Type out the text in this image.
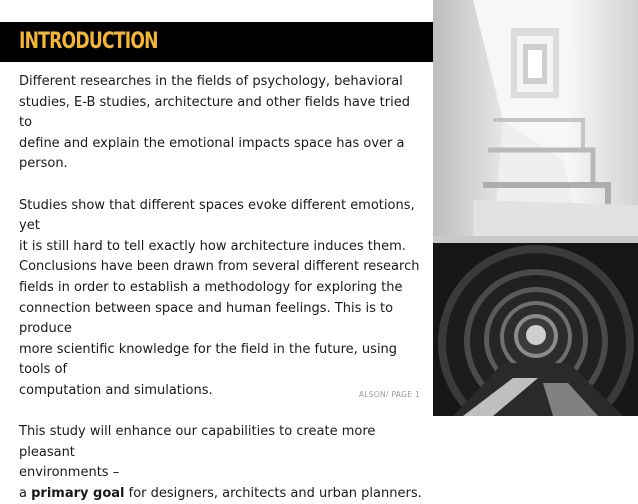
INTRODUCTION

Different researches in the fields of psychology, behavioral
studies, E-B studies, architecture and other fields have tried to
define and explain the emotional impacts space has over a
person.

Studies show that different spaces evoke different emotions, yet
it is still hard to tell exactly how architecture induces them.
Conclusions have been drawn from several different research
fields in order to establish a methodology for exploring the
connection between space and human feelings. This is to produce
more scientific knowledge for the field in the future, using tools of
computation and simulations.

This study will enhance our capabilities to create more pleasant
environments –
a primary goal for designers, architects and urban planners.

ALSON/ PAGE 1
